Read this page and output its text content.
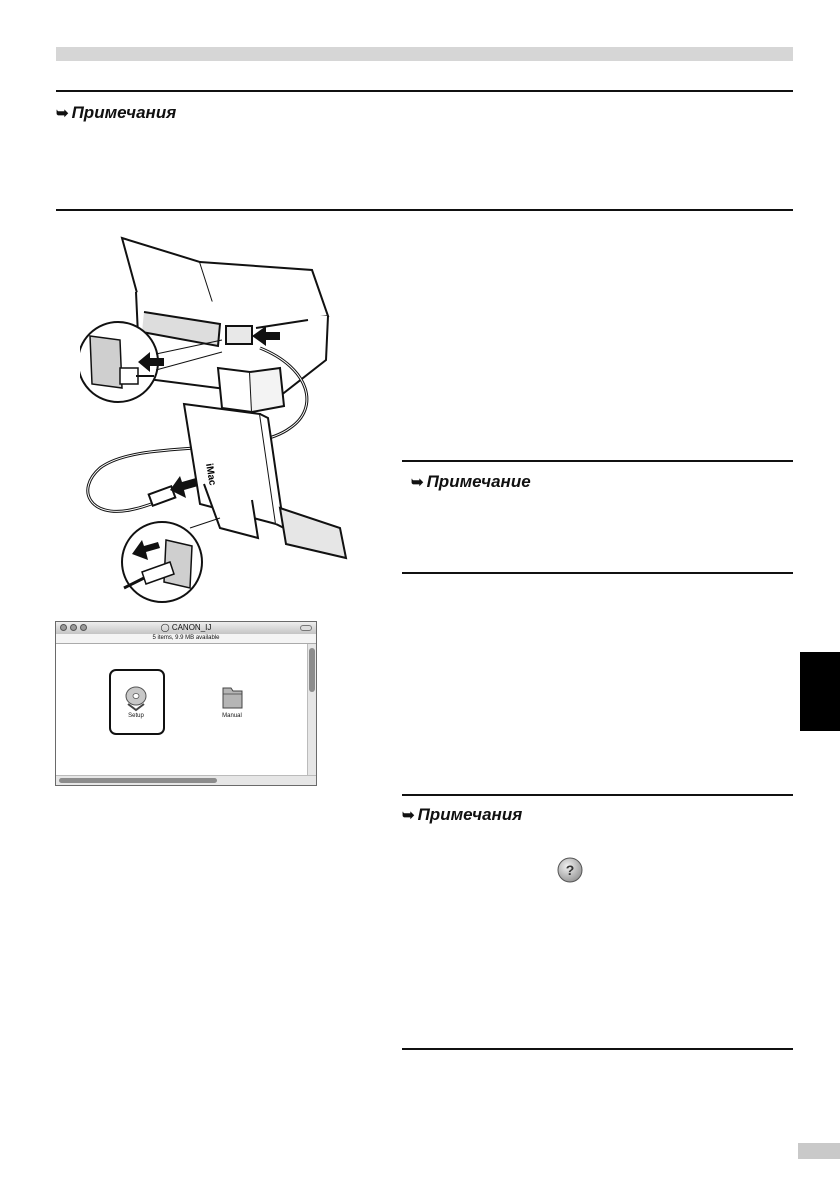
➥ Примечания
iMac
◯ CANON_IJ
5 items, 9.9 MB available
Setup	Manual
➥ Примечание
➥ Примечания
?
